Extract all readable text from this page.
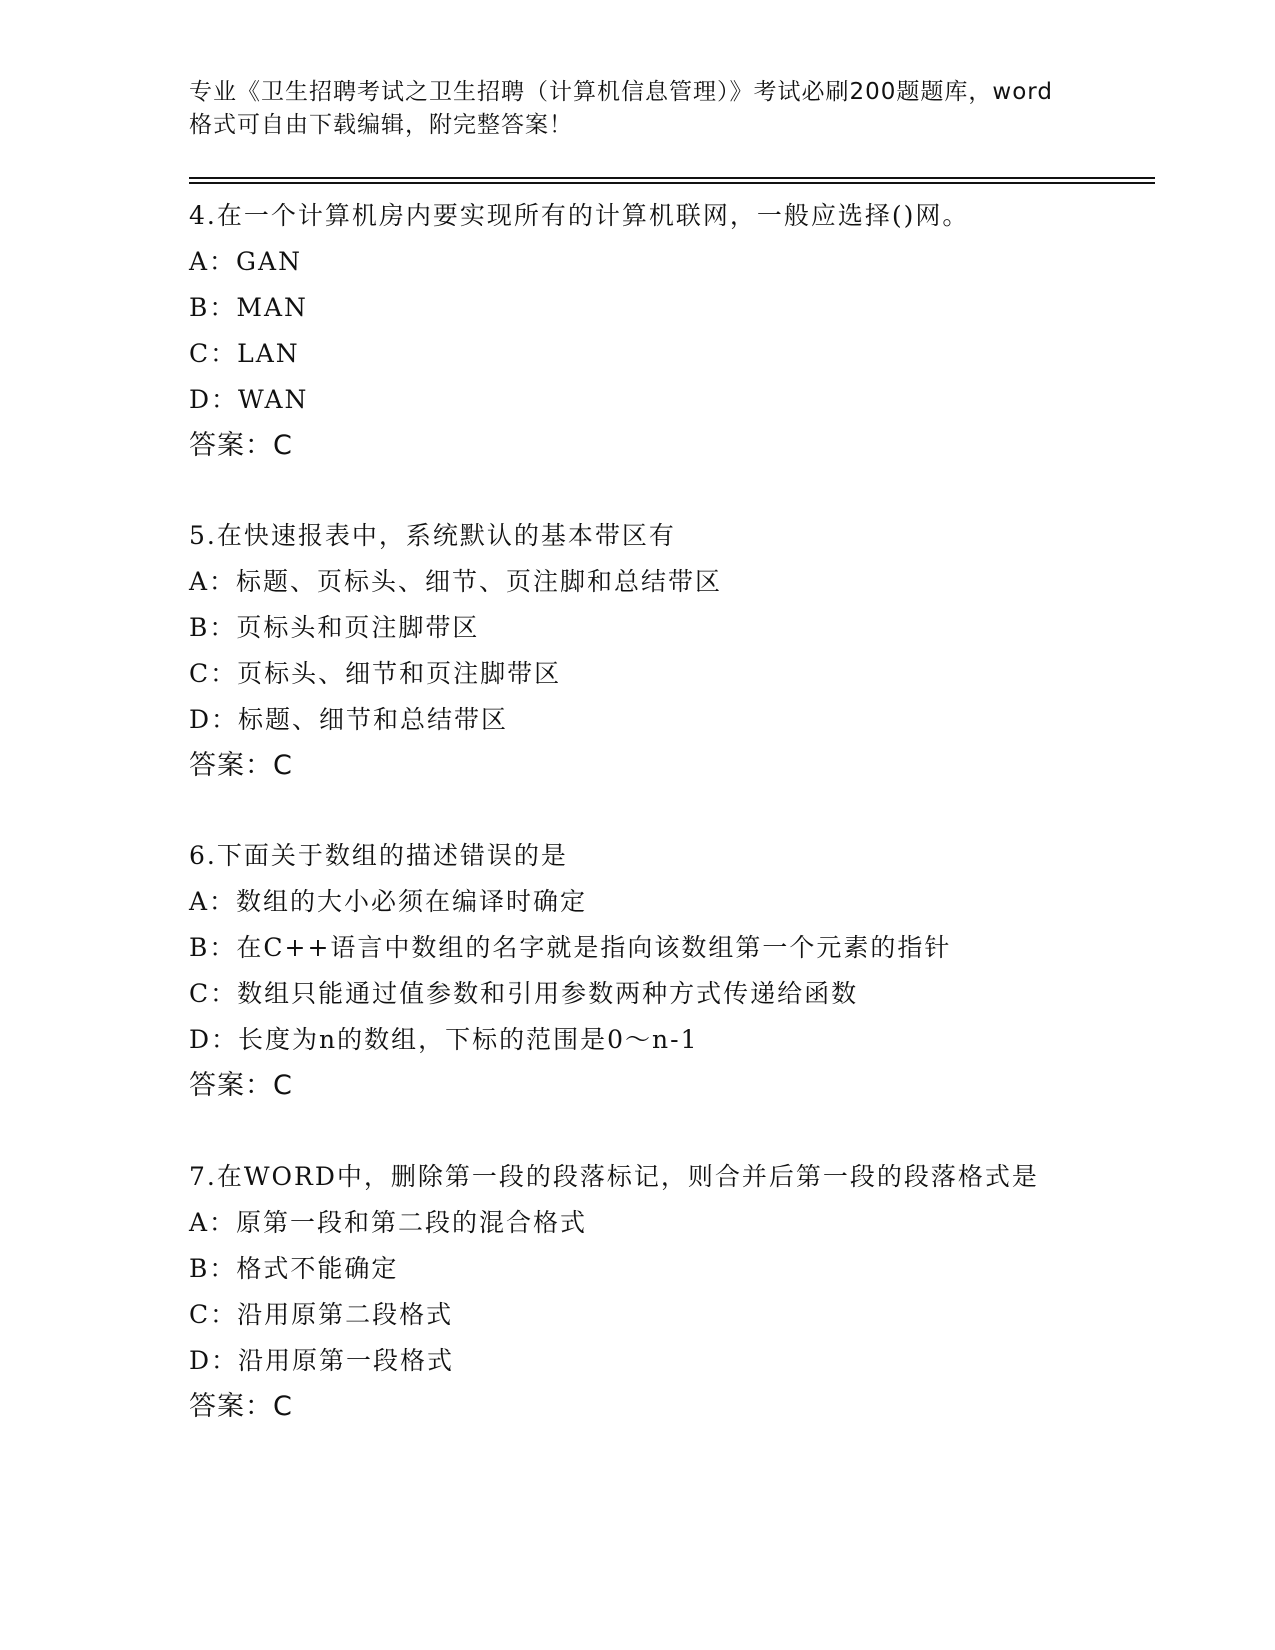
专业《卫生招聘考试之卫生招聘（计算机信息管理）》考试必刷200题题库，word
格式可自由下载编辑，附完整答案！
4.在一个计算机房内要实现所有的计算机联网，一般应选择()网。
A：GAN
B：MAN
C：LAN
D：WAN
答案：C
5.在快速报表中，系统默认的基本带区有
A：标题、页标头、细节、页注脚和总结带区
B：页标头和页注脚带区
C：页标头、细节和页注脚带区
D：标题、细节和总结带区
答案：C
6.下面关于数组的描述错误的是
A：数组的大小必须在编译时确定
B：在C++语言中数组的名字就是指向该数组第一个元素的指针
C：数组只能通过值参数和引用参数两种方式传递给函数
D：长度为n的数组，下标的范围是0～n-1
答案：C
7.在WORD中，删除第一段的段落标记，则合并后第一段的段落格式是
A：原第一段和第二段的混合格式
B：格式不能确定
C：沿用原第二段格式
D：沿用原第一段格式
答案：C
